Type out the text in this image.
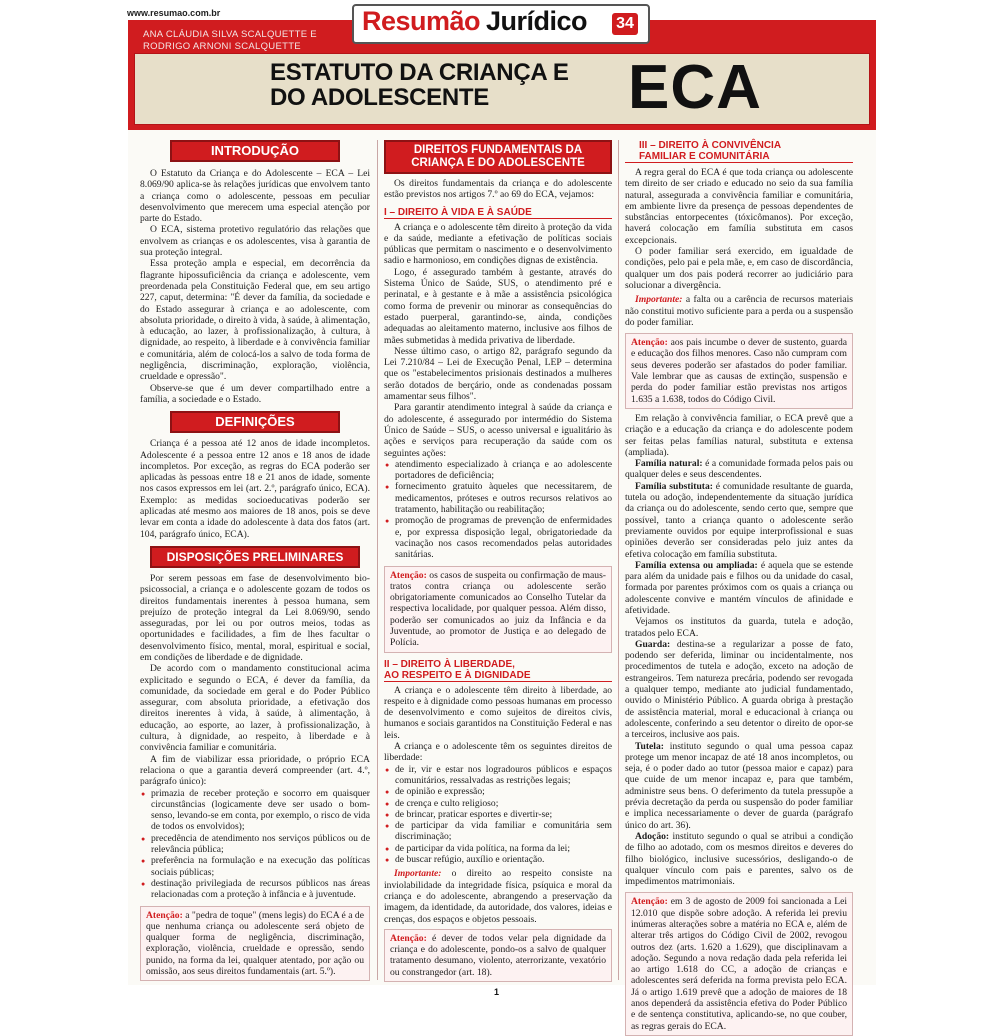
www.resumao.com.br	Resumão Jurídico 34
ANA CLÁUDIA SILVA SCALQUETTE E
RODRIGO ARNONI SCALQUETTE
ESTATUTO DA CRIANÇA E
DO ADOLESCENTE	ECA
INTRODUÇÃO
O Estatuto da Criança e do Adolescente – ECA – Lei 8.069/90 aplica-se às relações jurídicas que envolvem tanto a criança como o adolescente, pessoas em peculiar desenvolvimento que merecem uma especial atenção por parte do Estado.
O ECA, sistema protetivo regulatório das relações que envolvem as crianças e os adolescentes, visa à garantia de sua proteção integral.
Essa proteção ampla e especial, em decorrência da flagrante hipossuficiência da criança e adolescente, vem preordenada pela Constituição Federal que, em seu artigo 227, caput, determina: "É dever da família, da sociedade e do Estado assegurar à criança e ao adolescente, com absoluta prioridade, o direito à vida, à saúde, à alimentação, à educação, ao lazer, à profissionalização, à cultura, à dignidade, ao respeito, à liberdade e à convivência familiar e comunitária, além de colocá-los a salvo de toda forma de negligência, discriminação, exploração, violência, crueldade e opressão".
Observe-se que é um dever compartilhado entre a família, a sociedade e o Estado.
DEFINIÇÕES
Criança é a pessoa até 12 anos de idade incompletos. Adolescente é a pessoa entre 12 anos e 18 anos de idade incompletos. Por exceção, as regras do ECA poderão ser aplicadas às pessoas entre 18 e 21 anos de idade, somente nos casos expressos em lei (art. 2.º, parágrafo único, ECA). Exemplo: as medidas socioeducativas poderão ser aplicadas até mesmo aos maiores de 18 anos, pois se deve levar em conta a idade do adolescente à data dos fatos (art. 104, parágrafo único, ECA).
DISPOSIÇÕES PRELIMINARES
Por serem pessoas em fase de desenvolvimento bio-psicossocial, a criança e o adolescente gozam de todos os direitos fundamentais inerentes à pessoa humana, sem prejuízo de proteção integral da Lei 8.069/90, sendo asseguradas, por lei ou por outros meios, todas as oportunidades e facilidades, a fim de lhes facultar o desenvolvimento físico, mental, moral, espiritual e social, em condições de liberdade e de dignidade.
De acordo com o mandamento constitucional acima explicitado e segundo o ECA, é dever da família, da comunidade, da sociedade em geral e do Poder Público assegurar, com absoluta prioridade, a efetivação dos direitos inerentes à vida, à saúde, à alimentação, à educação, ao esporte, ao lazer, à profissionalização, à cultura, à dignidade, ao respeito, à liberdade e à convivência familiar e comunitária.
A fim de viabilizar essa prioridade, o próprio ECA relaciona o que a garantia deverá compreender (art. 4.º, parágrafo único):
● primazia de receber proteção e socorro em quaisquer circunstâncias (logicamente deve ser usado o bom-senso, levando-se em conta, por exemplo, o risco de vida de todos os envolvidos);
● precedência de atendimento nos serviços públicos ou de relevância pública;
● preferência na formulação e na execução das políticas sociais públicas;
● destinação privilegiada de recursos públicos nas áreas relacionadas com a proteção à infância e à juventude.
Atenção: a "pedra de toque" (mens legis) do ECA é a de que nenhuma criança ou adolescente será objeto de qualquer forma de negligência, discriminação, exploração, violência, crueldade e opressão, sendo punido, na forma da lei, qualquer atentado, por ação ou omissão, aos seus direitos fundamentais (art. 5.º).
DIREITOS FUNDAMENTAIS DA
CRIANÇA E DO ADOLESCENTE
Os direitos fundamentais da criança e do adolescente estão previstos nos artigos 7.º ao 69 do ECA, vejamos:
I – DIREITO À VIDA E À SAÚDE
A criança e o adolescente têm direito à proteção da vida e da saúde, mediante a efetivação de políticas sociais públicas que permitam o nascimento e o desenvolvimento sadio e harmonioso, em condições dignas de existência.
Logo, é assegurado também à gestante, através do Sistema Único de Saúde, SUS, o atendimento pré e perinatal, e à gestante e à mãe a assistência psicológica como forma de prevenir ou minorar as consequências do estado puerperal, garantindo-se, ainda, condições adequadas ao aleitamento materno, inclusive aos filhos de mães submetidas à medida privativa de liberdade.
Nesse último caso, o artigo 82, parágrafo segundo da Lei 7.210/84 – Lei de Execução Penal, LEP – determina que os "estabelecimentos prisionais destinados a mulheres serão dotados de berçário, onde as condenadas possam amamentar seus filhos".
Para garantir atendimento integral à saúde da criança e do adolescente, é assegurado por intermédio do Sistema Único de Saúde – SUS, o acesso universal e igualitário às ações e serviços para recuperação da saúde com os seguintes ações:
● atendimento especializado à criança e ao adolescente portadores de deficiência;
● fornecimento gratuito àqueles que necessitarem, de medicamentos, próteses e outros recursos relativos ao tratamento, habilitação ou reabilitação;
● promoção de programas de prevenção de enfermidades e, por expressa disposição legal, obrigatoriedade da vacinação nos casos recomendados pelas autoridades sanitárias.
Atenção: os casos de suspeita ou confirmação de maus-tratos contra criança ou adolescente serão obrigatoriamente comunicados ao Conselho Tutelar da respectiva localidade, por qualquer pessoa. Além disso, poderão ser comunicados ao juiz da Infância e da Juventude, ao promotor de Justiça e ao delegado de Polícia.
II – DIREITO À LIBERDADE,
AO RESPEITO E À DIGNIDADE
A criança e o adolescente têm direito à liberdade, ao respeito e à dignidade como pessoas humanas em processo de desenvolvimento e como sujeitos de direitos civis, humanos e sociais garantidos na Constituição Federal e nas leis.
A criança e o adolescente têm os seguintes direitos de liberdade:
● de ir, vir e estar nos logradouros públicos e espaços comunitários, ressalvadas as restrições legais;
● de opinião e expressão;
● de crença e culto religioso;
● de brincar, praticar esportes e divertir-se;
● de participar da vida familiar e comunitária sem discriminação;
● de participar da vida política, na forma da lei;
● de buscar refúgio, auxílio e orientação.
Importante: o direito ao respeito consiste na inviolabilidade da integridade física, psíquica e moral da criança e do adolescente, abrangendo a preservação da imagem, da identidade, da autoridade, dos valores, ideias e crenças, dos espaços e objetos pessoais.
Atenção: é dever de todos velar pela dignidade da criança e do adolescente, pondo-os a salvo de qualquer tratamento desumano, violento, aterrorizante, vexatório ou constrangedor (art. 18).
III – DIREITO À CONVIVÊNCIA
FAMILIAR E COMUNITÁRIA
A regra geral do ECA é que toda criança ou adolescente tem direito de ser criado e educado no seio da sua família natural, assegurada a convivência familiar e comunitária, em ambiente livre da presença de pessoas dependentes de substâncias entorpecentes (tóxicômanos). Por exceção, haverá colocação em família substituta em casos excepcionais.
O poder familiar será exercido, em igualdade de condições, pelo pai e pela mãe, e, em caso de discordância, qualquer um dos pais poderá recorrer ao judiciário para solucionar a divergência.
Importante: a falta ou a carência de recursos materiais não constitui motivo suficiente para a perda ou a suspensão do poder familiar.
Atenção: aos pais incumbe o dever de sustento, guarda e educação dos filhos menores. Caso não cumpram com seus deveres poderão ser afastados do poder familiar. Vale lembrar que as causas de extinção, suspensão e perda do poder familiar estão previstas nos artigos 1.635 a 1.638, todos do Código Civil.
Em relação à convivência familiar, o ECA prevê que a criação e a educação da criança e do adolescente podem ser feitas pelas famílias natural, substituta e extensa (ampliada).
Família natural: é a comunidade formada pelos pais ou qualquer deles e seus descendentes.
Família substituta: é comunidade resultante de guarda, tutela ou adoção, independentemente da situação jurídica da criança ou do adolescente, sendo certo que, sempre que possível, tanto a criança quanto o adolescente serão previamente ouvidos por equipe interprofissional e suas opiniões deverão ser consideradas pelo juiz antes da efetiva colocação em família substituta.
Família extensa ou ampliada: é aquela que se estende para além da unidade pais e filhos ou da unidade do casal, formada por parentes próximos com os quais a criança ou adolescente convive e mantém vínculos de afinidade e afetividade.
Vejamos os institutos da guarda, tutela e adoção, tratados pelo ECA.
Guarda: destina-se a regularizar a posse de fato, podendo ser deferida, liminar ou incidentalmente, nos procedimentos de tutela e adoção, exceto na adoção de estrangeiros. Tem natureza precária, podendo ser revogada a qualquer tempo, mediante ato judicial fundamentado, ouvido o Ministério Público. A guarda obriga à prestação de assistência material, moral e educacional à criança ou adolescente, conferindo a seu detentor o direito de opor-se a terceiros, inclusive aos pais.
Tutela: instituto segundo o qual uma pessoa capaz protege um menor incapaz de até 18 anos incompletos, ou seja, é o poder dado ao tutor (pessoa maior e capaz) para que cuide de um menor incapaz e, para que também, administre seus bens. O deferimento da tutela pressupõe a prévia decretação da perda ou suspensão do poder familiar e implica necessariamente o dever de guarda (parágrafo único do art. 36).
Adoção: instituto segundo o qual se atribui a condição de filho ao adotado, com os mesmos direitos e deveres do filho biológico, inclusive sucessórios, desligando-o de qualquer vínculo com pais e parentes, salvo os de impedimentos matrimoniais.
Atenção: em 3 de agosto de 2009 foi sancionada a Lei 12.010 que dispõe sobre adoção. A referida lei previu inúmeras alterações sobre a matéria no ECA e, além de alterar três artigos do Código Civil de 2002, revogou outros dez (arts. 1.620 a 1.629), que disciplinavam a adoção. Segundo a nova redação dada pela referida lei ao artigo 1.618 do CC, a adoção de crianças e adolescentes será deferida na forma prevista pelo ECA. Já o artigo 1.619 prevê que a adoção de maiores de 18 anos dependerá da assistência efetiva do Poder Público e de sentença constitutiva, aplicando-se, no que couber, as regras gerais do ECA.
1
